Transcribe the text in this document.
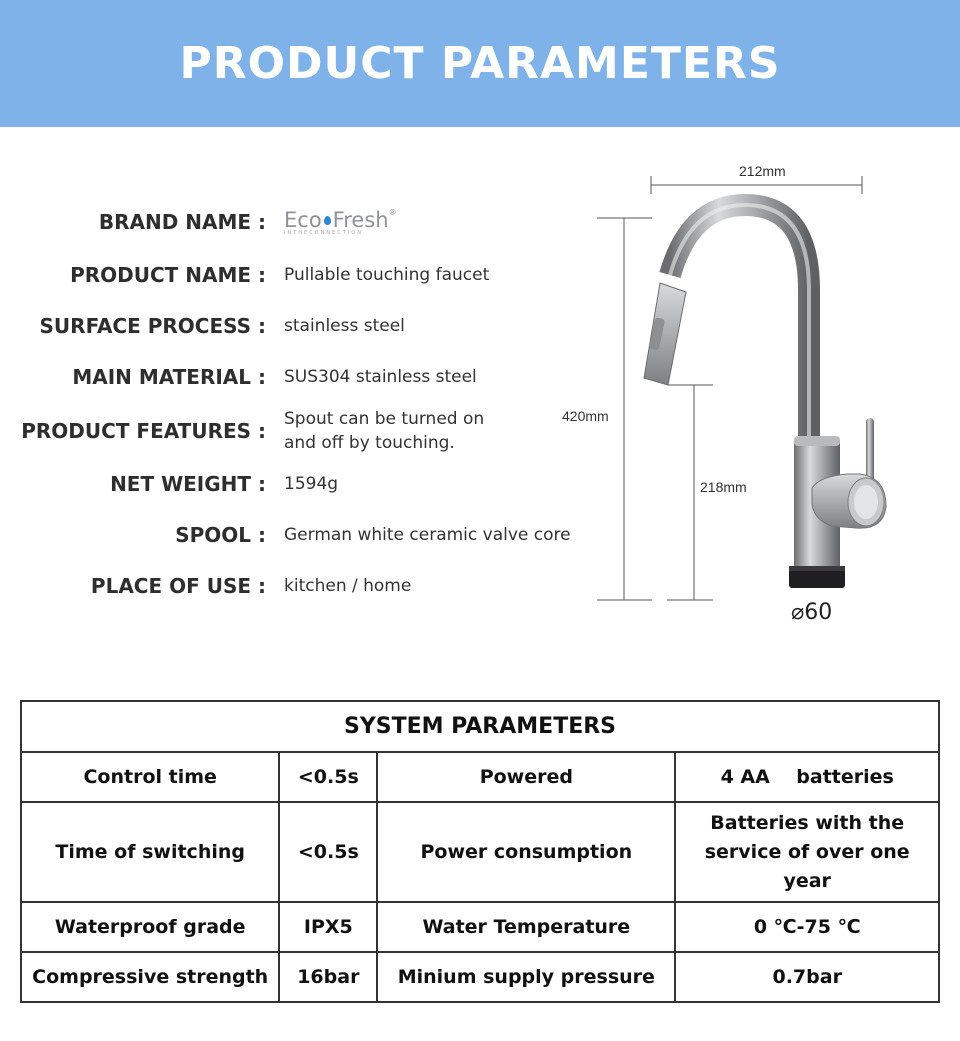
PRODUCT PARAMETERS
BRAND NAME : Eco Fresh®
INTHECONNECTION
PRODUCT NAME : Pullable touching faucet
SURFACE PROCESS : stainless steel
MAIN MATERIAL : SUS304 stainless steel
PRODUCT FEATURES : Spout can be turned on
and off by touching.
NET WEIGHT : 1594g
SPOOL : German white ceramic valve core
PLACE OF USE : kitchen / home
212mm
420mm
218mm
⌀60
SYSTEM PARAMETERS			
Control time	<0.5s	Powered	4 AA    batteries
Time of switching	<0.5s	Power consumption	Batteries with the
service of over one year

Waterproof grade	IPX5	Water Temperature	0 ℃-75 ℃
Compressive strength	16bar	Minium supply pressure	0.7bar
